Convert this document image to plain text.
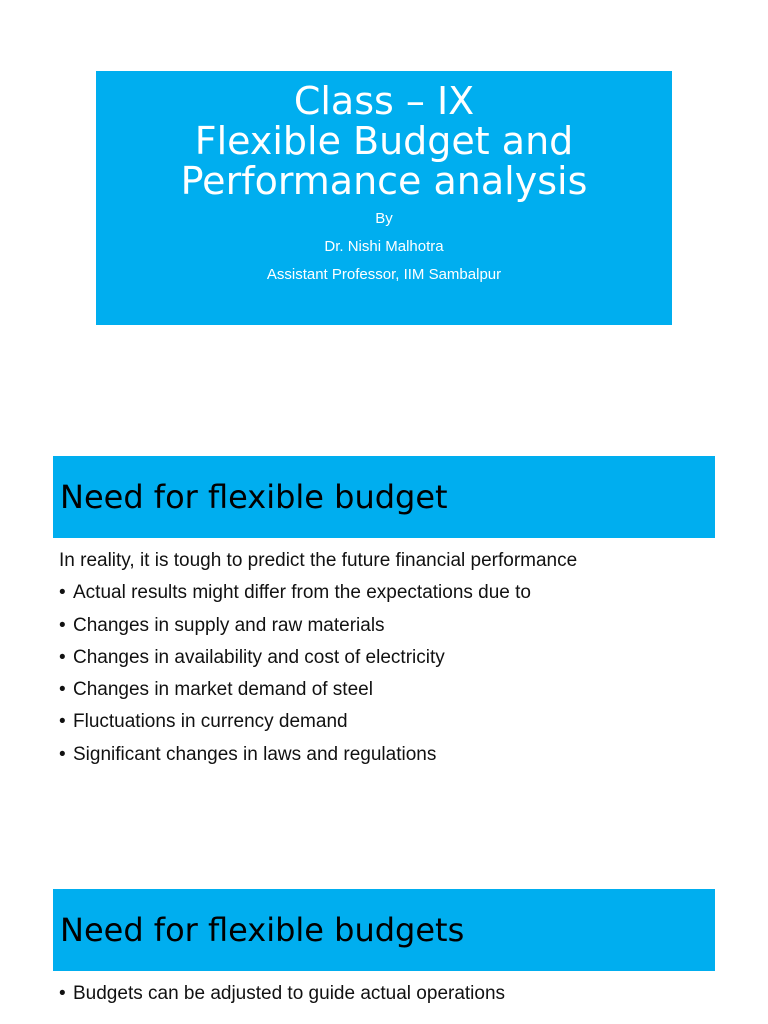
Class – IX
Flexible Budget and
Performance analysis
By
Dr. Nishi Malhotra
Assistant Professor, IIM Sambalpur
Need for flexible budget
In reality, it is tough to predict the future financial performance
• Actual results might differ from the expectations due to
• Changes in supply and raw materials
• Changes in availability and cost of electricity
• Changes in market demand of steel
• Fluctuations in currency demand
• Significant changes in laws and regulations
Need for flexible budgets
• Budgets can be adjusted to guide actual operations
